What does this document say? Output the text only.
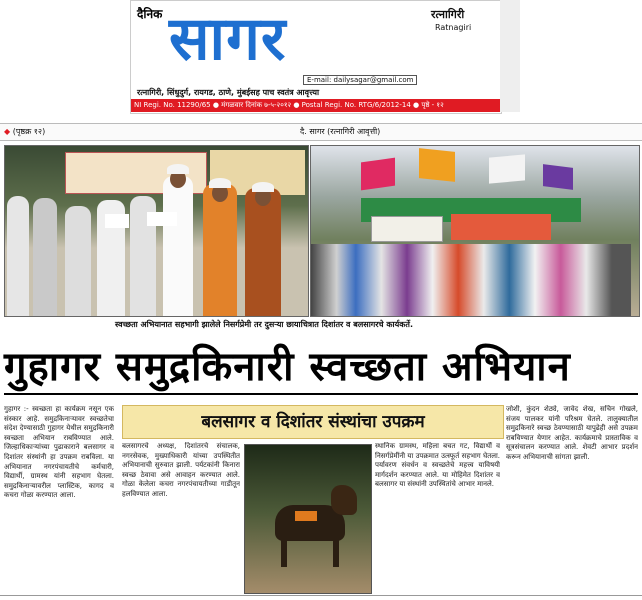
दैनिक सागर	रत्नागिरी
Ratnagiri
E-mail: dailysagar@gmail.com
रत्नागिरी, सिंधुदुर्ग, रायगड, ठाणे, मुंबईसह पाच स्वतंत्र आवृत्त्या
NI Regi. No. 11290/65 ● मंगळवार दिनांक ७-५-२०१२ ● Postal Regi. No. RTG/6/2012-14 ● पृष्ठे - १२
◆ (पृष्ठक्र १२)	दै. सागर (रत्नागिरी आवृत्ती)
स्वच्छता अभियानात सहभागी झालेले निसर्गप्रेमी तर दुसऱ्या छायाचित्रात दिशांतर व बलसागरचे कार्यकर्ते.
गुहागर समुद्रकिनारी स्वच्छता अभियान
गुहागर :- स्वच्छता हा कार्यक्रम नसून एक संस्कार आहे. समुद्रकिनाऱ्यावर स्वच्छतेचा संदेश देण्यासाठी गुहागर येथील समुद्रकिनारी स्वच्छता अभियान राबविण्यात आले. जिल्हाधिकाऱ्यांच्या पुढाकाराने बलसागर व दिशांतर संस्थांनी हा उपक्रम राबविला. या अभियानात नगरपंचायतीचे कर्मचारी, विद्यार्थी, ग्रामस्थ यांनी सहभाग घेतला. समुद्रकिनाऱ्यावरील प्लास्टिक, कागद व कचरा गोळा करण्यात आला.
बलसागर व दिशांतर संस्थांचा उपक्रम
बलसागरचे अध्यक्ष, दिशांतरचे संचालक, नगरसेवक, मुख्याधिकारी यांच्या उपस्थितीत अभियानाची सुरुवात झाली. पर्यटकांनी किनारा स्वच्छ ठेवावा असे आवाहन करण्यात आले. गोळा केलेला कचरा नगरपंचायतीच्या गाडीतून हलविण्यात आला.
स्थानिक ग्रामस्थ, महिला बचत गट, विद्यार्थी व निसर्गप्रेमींनी या उपक्रमात उत्स्फूर्त सहभाग घेतला. पर्यावरण संवर्धन व स्वच्छतेचे महत्त्व याविषयी मार्गदर्शन करण्यात आले. या मोहिमेत दिशांतर व बलसागर या संस्थांनी उपस्थितांचे आभार मानले.
जोशी, कुंदन शेठ्ये, जावेद शेख, सचिन गोखले, संजय पालकर यांनी परिश्रम घेतले. तालुक्यातील समुद्रकिनारे स्वच्छ ठेवण्यासाठी यापुढेही असे उपक्रम राबविण्यात येणार आहेत. कार्यक्रमाचे प्रास्ताविक व सूत्रसंचालन करण्यात आले. शेवटी आभार प्रदर्शन करून अभियानाची सांगता झाली.
